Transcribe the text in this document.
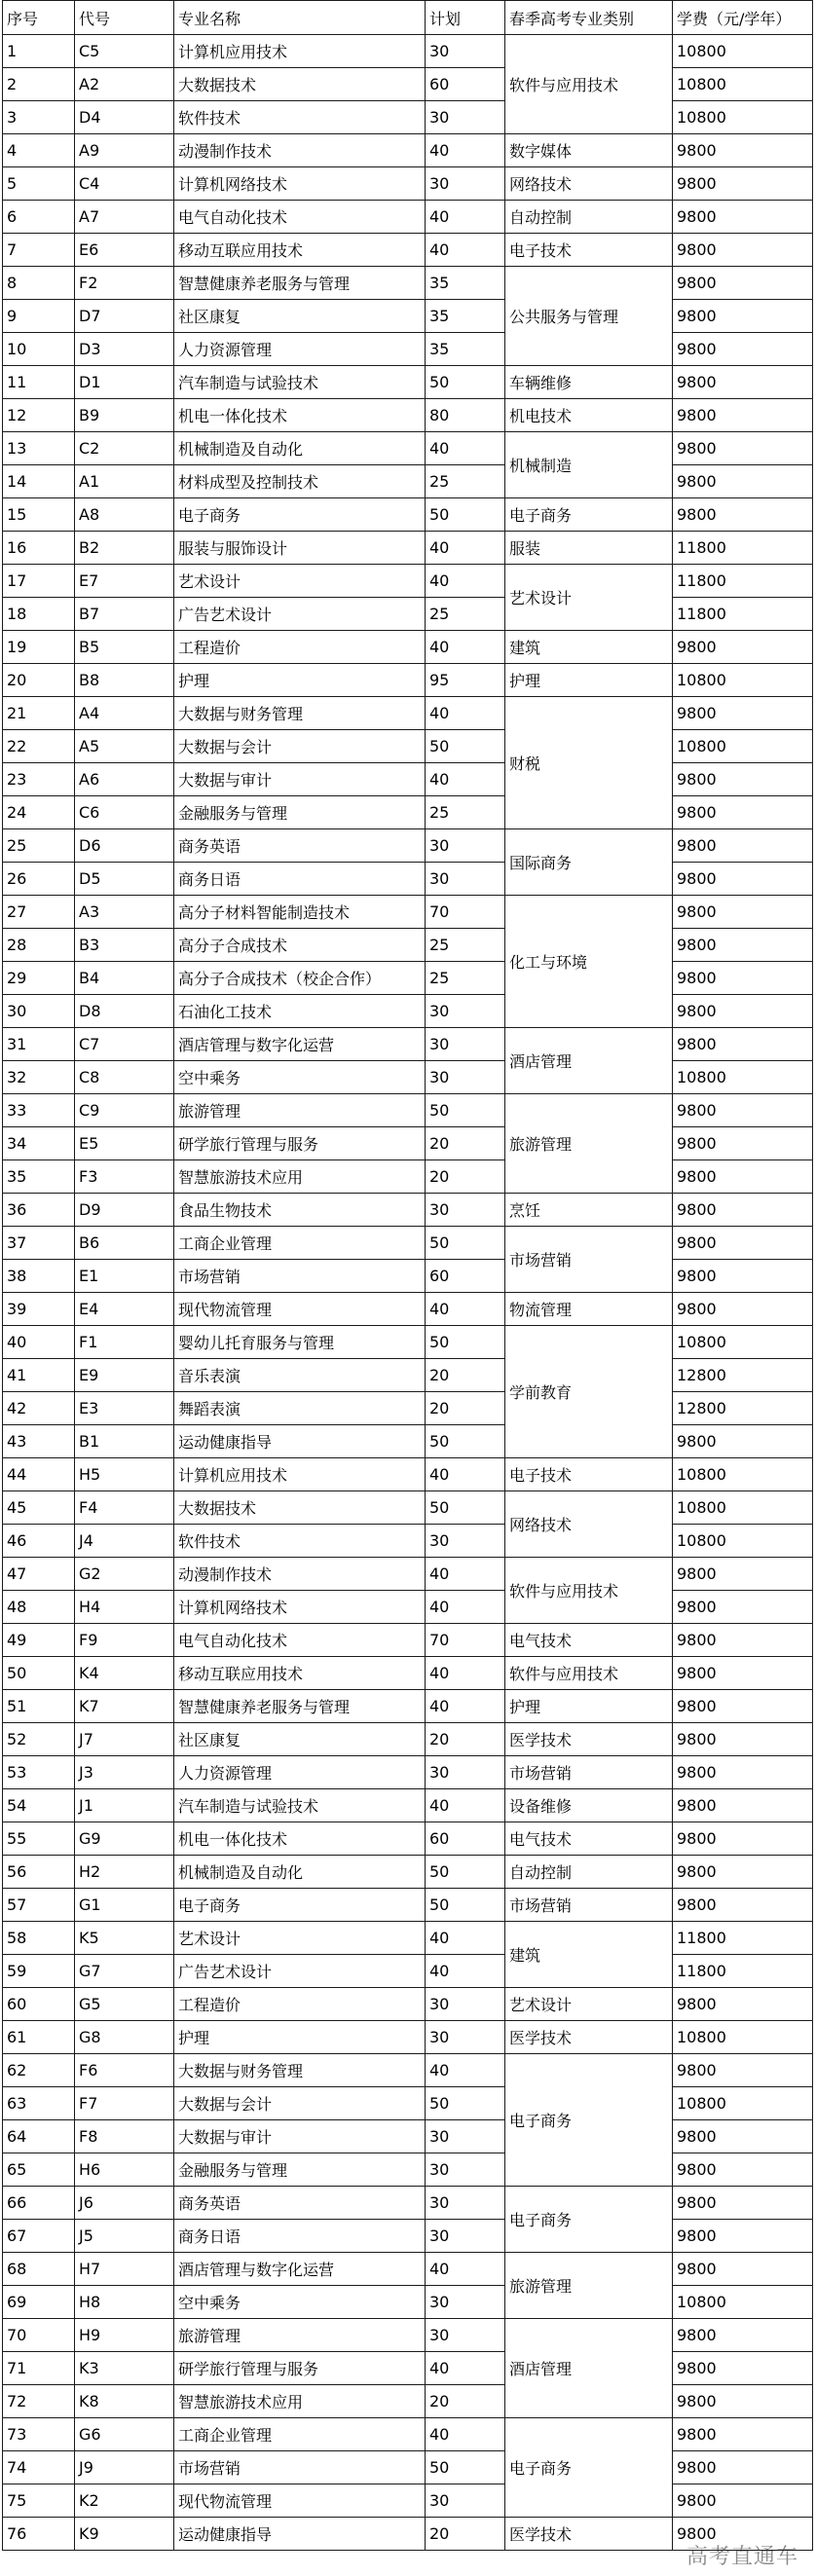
序号	代号	专业名称	计划	春季高考专业类别	学费（元/学年）
1	C5	计算机应用技术	30	软件与应用技术	10800
2	A2	大数据技术	60		10800
3	D4	软件技术	30		10800
4	A9	动漫制作技术	40	数字媒体	9800
5	C4	计算机网络技术	30	网络技术	9800
6	A7	电气自动化技术	40	自动控制	9800
7	E6	移动互联应用技术	40	电子技术	9800
8	F2	智慧健康养老服务与管理	35	公共服务与管理	9800
9	D7	社区康复	35		9800
10	D3	人力资源管理	35		9800
11	D1	汽车制造与试验技术	50	车辆维修	9800
12	B9	机电一体化技术	80	机电技术	9800
13	C2	机械制造及自动化	40	机械制造	9800
14	A1	材料成型及控制技术	25		9800
15	A8	电子商务	50	电子商务	9800
16	B2	服装与服饰设计	40	服装	11800
17	E7	艺术设计	40	艺术设计	11800
18	B7	广告艺术设计	25		11800
19	B5	工程造价	40	建筑	9800
20	B8	护理	95	护理	10800
21	A4	大数据与财务管理	40	财税	9800
22	A5	大数据与会计	50		10800
23	A6	大数据与审计	40		9800
24	C6	金融服务与管理	25		9800
25	D6	商务英语	30	国际商务	9800
26	D5	商务日语	30		9800
27	A3	高分子材料智能制造技术	70	化工与环境	9800
28	B3	高分子合成技术	25		9800
29	B4	高分子合成技术（校企合作）	25		9800
30	D8	石油化工技术	30		9800
31	C7	酒店管理与数字化运营	30	酒店管理	9800
32	C8	空中乘务	30		10800
33	C9	旅游管理	50	旅游管理	9800
34	E5	研学旅行管理与服务	20		9800
35	F3	智慧旅游技术应用	20		9800
36	D9	食品生物技术	30	烹饪	9800
37	B6	工商企业管理	50	市场营销	9800
38	E1	市场营销	60		9800
39	E4	现代物流管理	40	物流管理	9800
40	F1	婴幼儿托育服务与管理	50	学前教育	10800
41	E9	音乐表演	20		12800
42	E3	舞蹈表演	20		12800
43	B1	运动健康指导	50		9800
44	H5	计算机应用技术	40	电子技术	10800
45	F4	大数据技术	50	网络技术	10800
46	J4	软件技术	30		10800
47	G2	动漫制作技术	40	软件与应用技术	9800
48	H4	计算机网络技术	40		9800
49	F9	电气自动化技术	70	电气技术	9800
50	K4	移动互联应用技术	40	软件与应用技术	9800
51	K7	智慧健康养老服务与管理	40	护理	9800
52	J7	社区康复	20	医学技术	9800
53	J3	人力资源管理	30	市场营销	9800
54	J1	汽车制造与试验技术	40	设备维修	9800
55	G9	机电一体化技术	60	电气技术	9800
56	H2	机械制造及自动化	50	自动控制	9800
57	G1	电子商务	50	市场营销	9800
58	K5	艺术设计	40	建筑	11800
59	G7	广告艺术设计	40		11800
60	G5	工程造价	30	艺术设计	9800
61	G8	护理	30	医学技术	10800
62	F6	大数据与财务管理	40	电子商务	9800
63	F7	大数据与会计	50		10800
64	F8	大数据与审计	30		9800
65	H6	金融服务与管理	30		9800
66	J6	商务英语	30	电子商务	9800
67	J5	商务日语	30		9800
68	H7	酒店管理与数字化运营	40	旅游管理	9800
69	H8	空中乘务	30		10800
70	H9	旅游管理	30	酒店管理	9800
71	K3	研学旅行管理与服务	40		9800
72	K8	智慧旅游技术应用	20		9800
73	G6	工商企业管理	40	电子商务	9800
74	J9	市场营销	50		9800
75	K2	现代物流管理	30		9800
76	K9	运动健康指导	20	医学技术	9800
高考直通车
